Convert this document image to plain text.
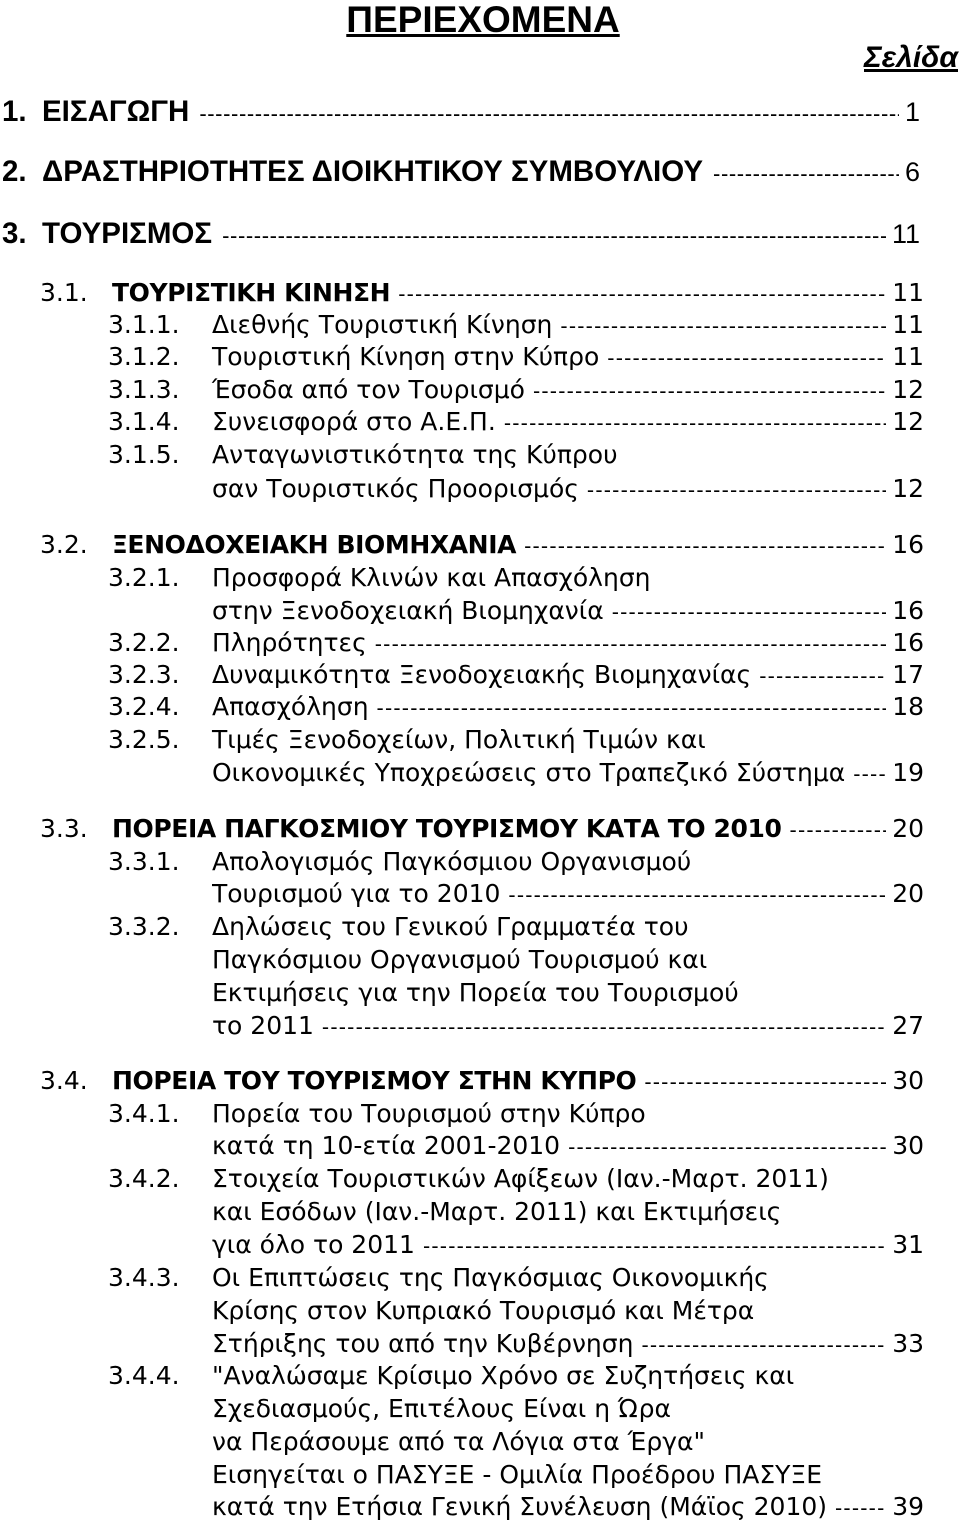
ΠΕΡΙΕΧΟΜΕΝΑ
Σελίδα
1. ΕΙΣΑΓΩΓΗ -----	1
2. ΔΡΑΣΤΗΡΙΟΤΗΤΕΣ ΔΙΟΙΚΗΤΙΚΟΥ ΣΥΜΒΟΥΛΙΟΥ -----	6
3. ΤΟΥΡΙΣΜΟΣ -----	11
3.1. ΤΟΥΡΙΣΤΙΚΗ ΚΙΝΗΣΗ -----	11
3.1.1.	Διεθνής Τουριστική Κίνηση -----	11
3.1.2.	Τουριστική Κίνηση στην Κύπρο -----	11
3.1.3.	Έσοδα από τον Τουρισμό -----	12
3.1.4.	Συνεισφορά στο Α.Ε.Π. -----	12
3.1.5.	Ανταγωνιστικότητα της Κύπρου
σαν Τουριστικός Προορισμός -----	12
3.2. ΞΕΝΟΔΟΧΕΙΑΚΗ ΒΙΟΜΗΧΑΝΙΑ -----	16
3.2.1.	Προσφορά Κλινών και Απασχόληση
στην Ξενοδοχειακή Βιομηχανία -----	16
3.2.2.	Πληρότητες -----	16
3.2.3.	Δυναμικότητα Ξενοδοχειακής Βιομηχανίας -----	17
3.2.4.	Απασχόληση -----	18
3.2.5.	Τιμές Ξενοδοχείων, Πολιτική Τιμών και
Οικονομικές Υποχρεώσεις στο Τραπεζικό Σύστημα ----- 19
3.3. ΠΟΡΕΙΑ ΠΑΓΚΟΣΜΙΟΥ ΤΟΥΡΙΣΜΟΥ ΚΑΤΑ ΤΟ 2010 -----	20
3.3.1.	Απολογισμός Παγκόσμιου Οργανισμού
Τουρισμού για το 2010 -----	20
3.3.2.	Δηλώσεις του Γενικού Γραμματέα του
Παγκόσμιου Οργανισμού Τουρισμού και
Εκτιμήσεις για την Πορεία του Τουρισμού
το 2011 -----	27
3.4. ΠΟΡΕΙΑ ΤΟΥ ΤΟΥΡΙΣΜΟΥ ΣΤΗΝ ΚΥΠΡΟ -----	30
3.4.1.	Πορεία του Τουρισμού στην Κύπρο
κατά τη 10-ετία 2001-2010 -----	30
3.4.2.	Στοιχεία Τουριστικών Αφίξεων (Ιαν.-Μαρτ. 2011)
και Εσόδων (Ιαν.-Μαρτ. 2011) και Εκτιμήσεις
για όλο το 2011 -----	31
3.4.3.	Οι Επιπτώσεις της Παγκόσμιας Οικονομικής
Κρίσης στον Κυπριακό Τουρισμό και Μέτρα
Στήριξης του από την Κυβέρνηση -----	33
3.4.4.	"Αναλώσαμε Κρίσιμο Χρόνο σε Συζητήσεις και
Σχεδιασμούς, Επιτέλους Είναι η Ώρα
να Περάσουμε από τα Λόγια στα Έργα"
Εισηγείται ο ΠΑΣΥΞΕ - Ομιλία Προέδρου ΠΑΣΥΞΕ
κατά την Ετήσια Γενική Συνέλευση (Μάϊος 2010) -----	39
